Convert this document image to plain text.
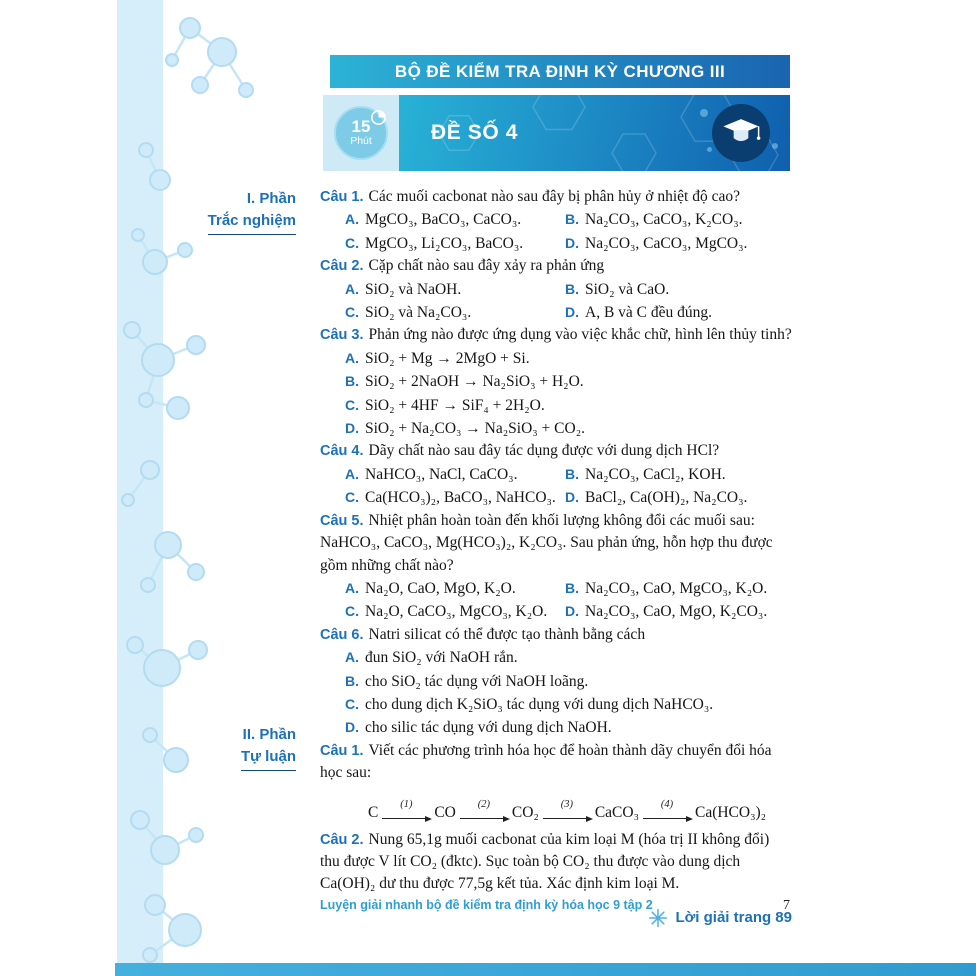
BỘ ĐỀ KIỂM TRA ĐỊNH KỲ CHƯƠNG III
15
Phút	ĐỀ SỐ 4
I. Phần
Trắc nghiệm
II. Phần
Tự luận
Câu 1. Các muối cacbonat nào sau đây bị phân hủy ở nhiệt độ cao?
A. MgCO₃, BaCO₃, CaCO₃.	B. Na₂CO₃, CaCO₃, K₂CO₃.
C. MgCO₃, Li₂CO₃, BaCO₃.	D. Na₂CO₃, CaCO₃, MgCO₃.
Câu 2. Cặp chất nào sau đây xảy ra phản ứng
A. SiO₂ và NaOH.	B. SiO₂ và CaO.
C. SiO₂ và Na₂CO₃.	D. A, B và C đều đúng.
Câu 3. Phản ứng nào được ứng dụng vào việc khắc chữ, hình lên thủy tinh?
A. SiO₂ + Mg → 2MgO + Si.
B. SiO₂ + 2NaOH → Na₂SiO₃ + H₂O.
C. SiO₂ + 4HF → SiF₄ + 2H₂O.
D. SiO₂ + Na₂CO₃ → Na₂SiO₃ + CO₂.
Câu 4. Dãy chất nào sau đây tác dụng được với dung dịch HCl?
A. NaHCO₃, NaCl, CaCO₃.	B. Na₂CO₃, CaCl₂, KOH.
C. Ca(HCO₃)₂, BaCO₃, NaHCO₃. D. BaCl₂, Ca(OH)₂, Na₂CO₃.
Câu 5. Nhiệt phân hoàn toàn đến khối lượng không đổi các muối sau: NaHCO₃, CaCO₃, Mg(HCO₃)₂, K₂CO₃. Sau phản ứng, hỗn hợp thu được gồm những chất nào?
A. Na₂O, CaO, MgO, K₂O.	B. Na₂CO₃, CaO, MgCO₃, K₂O.
C. Na₂O, CaCO₃, MgCO₃, K₂O.	D. Na₂CO₃, CaO, MgO, K₂CO₃.
Câu 6. Natri silicat có thể được tạo thành bằng cách
A. đun SiO₂ với NaOH rắn.
B. cho SiO₂ tác dụng với NaOH loãng.
C. cho dung dịch K₂SiO₃ tác dụng với dung dịch NaHCO₃.
D. cho silic tác dụng với dung dịch NaOH.
Câu 1. Viết các phương trình hóa học để hoàn thành dãy chuyển đổi hóa học sau:
C (1) CO (2) CO₂ (3) CaCO₃ (4) Ca(HCO₃)₂
Câu 2. Nung 65,1g muối cacbonat của kim loại M (hóa trị II không đổi) thu được V lít CO₂ (đktc). Sục toàn bộ CO₂ thu được vào dung dịch Ca(OH)₂ dư thu được 77,5g kết tủa. Xác định kim loại M.
Lời giải trang 89
Luyện giải nhanh bộ đề kiểm tra định kỳ hóa học 9 tập 2	7
